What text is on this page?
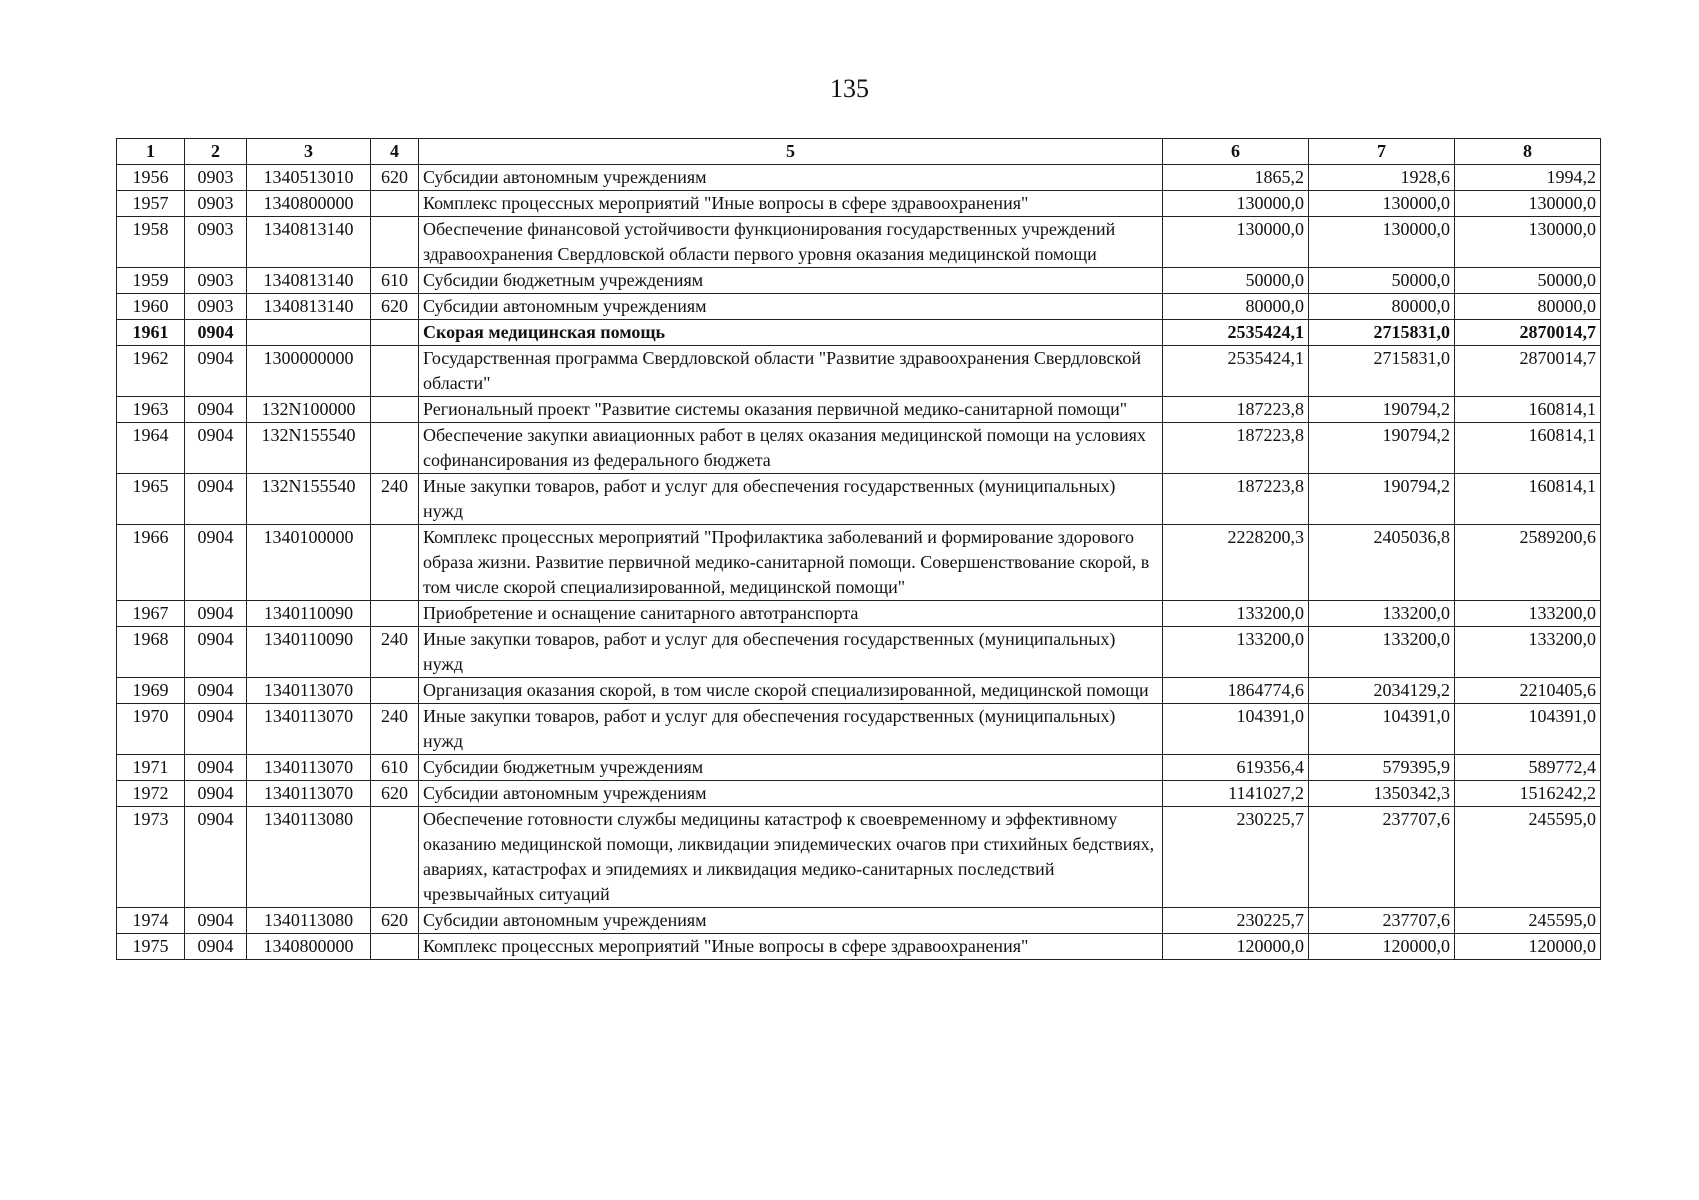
135
1	2	3	4	5	6	7	8
1956	0903	1340513010	620	Субсидии автономным учреждениям	1865,2	1928,6	1994,2
1957	0903	1340800000		Комплекс процессных мероприятий "Иные вопросы в сфере здравоохранения"	130000,0	130000,0	130000,0
1958	0903	1340813140		Обеспечение финансовой устойчивости функционирования государственных учреждений здравоохранения Свердловской области первого уровня оказания медицинской помощи	130000,0	130000,0	130000,0
1959	0903	1340813140	610	Субсидии бюджетным учреждениям	50000,0	50000,0	50000,0
1960	0903	1340813140	620	Субсидии автономным учреждениям	80000,0	80000,0	80000,0
1961	0904			Скорая медицинская помощь	2535424,1	2715831,0	2870014,7
1962	0904	1300000000		Государственная программа Свердловской области "Развитие здравоохранения Свердловской области"	2535424,1	2715831,0	2870014,7
1963	0904	132N100000		Региональный проект "Развитие системы оказания первичной медико-санитарной помощи"	187223,8	190794,2	160814,1
1964	0904	132N155540		Обеспечение закупки авиационных работ в целях оказания медицинской помощи на условиях софинансирования из федерального бюджета	187223,8	190794,2	160814,1
1965	0904	132N155540	240	Иные закупки товаров, работ и услуг для обеспечения государственных (муниципальных) нужд	187223,8	190794,2	160814,1
1966	0904	1340100000		Комплекс процессных мероприятий "Профилактика заболеваний и формирование здорового образа жизни. Развитие первичной медико-санитарной помощи. Совершенствование скорой, в том числе скорой специализированной, медицинской помощи"	2228200,3	2405036,8	2589200,6
1967	0904	1340110090		Приобретение и оснащение санитарного автотранспорта	133200,0	133200,0	133200,0
1968	0904	1340110090	240	Иные закупки товаров, работ и услуг для обеспечения государственных (муниципальных) нужд	133200,0	133200,0	133200,0
1969	0904	1340113070		Организация оказания скорой, в том числе скорой специализированной, медицинской помощи	1864774,6	2034129,2	2210405,6
1970	0904	1340113070	240	Иные закупки товаров, работ и услуг для обеспечения государственных (муниципальных) нужд	104391,0	104391,0	104391,0
1971	0904	1340113070	610	Субсидии бюджетным учреждениям	619356,4	579395,9	589772,4
1972	0904	1340113070	620	Субсидии автономным учреждениям	1141027,2	1350342,3	1516242,2
1973	0904	1340113080		Обеспечение готовности службы медицины катастроф к своевременному и эффективному оказанию медицинской помощи, ликвидации эпидемических очагов при стихийных бедствиях, авариях, катастрофах и эпидемиях и ликвидация медико-санитарных последствий чрезвычайных ситуаций	230225,7	237707,6	245595,0
1974	0904	1340113080	620	Субсидии автономным учреждениям	230225,7	237707,6	245595,0
1975	0904	1340800000		Комплекс процессных мероприятий "Иные вопросы в сфере здравоохранения"	120000,0	120000,0	120000,0
